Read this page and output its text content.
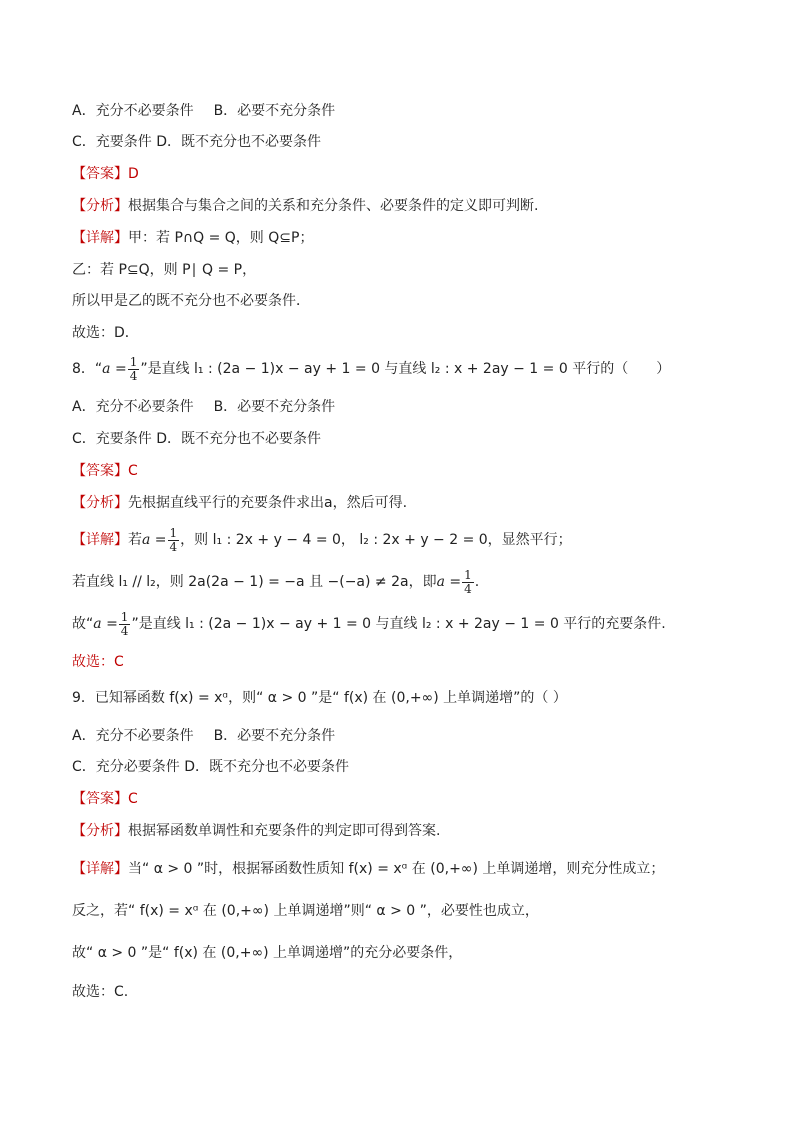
A．充分不必要条件 B．必要不充分条件
C．充要条件 D．既不充分也不必要条件
【答案】D
【分析】根据集合与集合之间的关系和充分条件、必要条件的定义即可判断.
【详解】甲：若 P∩Q = Q，则 Q⊆P；
乙：若 P⊆Q，则 P∣ Q = P，
所以甲是乙的既不充分也不必要条件．
故选：D．
8．“$a = \frac{1}{4}$ ”是直线 l₁ : (2a − 1)x − ay + 1 = 0 与直线 l₂ : x + 2ay − 1 = 0 平行的（　　）
A．充分不必要条件 B．必要不充分条件
C．充要条件 D．既不充分也不必要条件
【答案】C
【分析】先根据直线平行的充要条件求出a，然后可得.
【详解】若$a = \frac{1}{4}$ ，则 l₁ : 2x + y − 4 = 0， l₂ : 2x + y − 2 = 0，显然平行；
若直线 l₁ // l₂，则 2a(2a − 1) = −a 且 −(−a) ≠ 2a，即$a = \frac{1}{4}$ .
故“$a = \frac{1}{4}$ ”是直线 l₁ : (2a − 1)x − ay + 1 = 0 与直线 l₂ : x + 2ay − 1 = 0 平行的充要条件.
故选：C
9．已知幂函数 f(x) = xᵅ，则“ α > 0 ”是“ f(x) 在 (0,+∞) 上单调递增”的（ ）
A．充分不必要条件 B．必要不充分条件
C．充分必要条件 D．既不充分也不必要条件
【答案】C
【分析】根据幂函数单调性和充要条件的判定即可得到答案.
【详解】当“ α > 0 ”时，根据幂函数性质知 f(x) = xᵅ 在 (0,+∞) 上单调递增，则充分性成立；
反之，若“ f(x) = xᵅ 在 (0,+∞) 上单调递增”则“ α > 0 ”，必要性也成立，
故“ α > 0 ”是“ f(x) 在 (0,+∞) 上单调递增”的充分必要条件，
故选：C.
